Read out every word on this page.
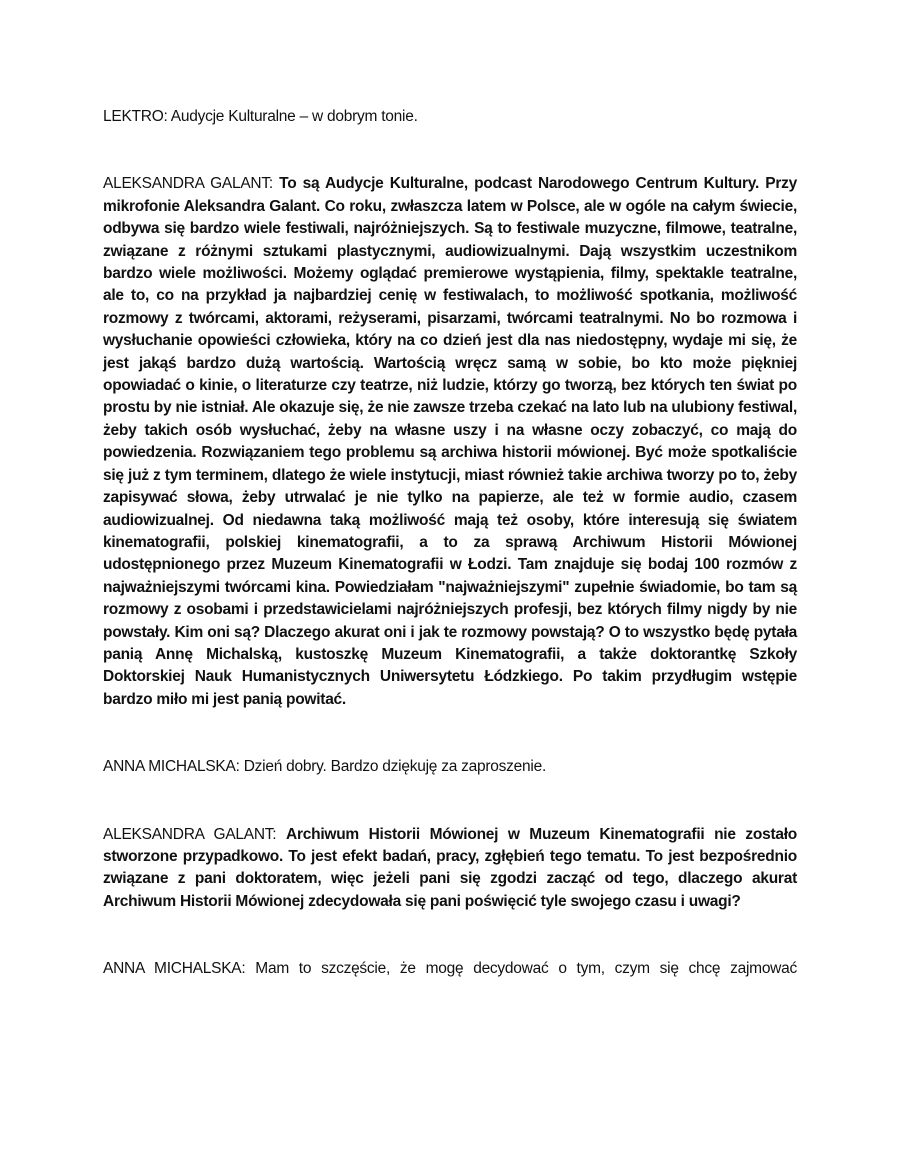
LEKTRO: Audycje Kulturalne – w dobrym tonie.

ALEKSANDRA GALANT: To są Audycje Kulturalne, podcast Narodowego Centrum Kultury. Przy mikrofonie Aleksandra Galant. Co roku, zwłaszcza latem w Polsce, ale w ogóle na całym świecie, odbywa się bardzo wiele festiwali, najróżniejszych. Są to festiwale muzyczne, filmowe, teatralne, związane z różnymi sztukami plastycznymi, audiowizualnymi. Dają wszystkim uczestnikom bardzo wiele możliwości. Możemy oglądać premierowe wystąpienia, filmy, spektakle teatralne, ale to, co na przykład ja najbardziej cenię w festiwalach, to możliwość spotkania, możliwość rozmowy z twórcami, aktorami, reżyserami, pisarzami, twórcami teatralnymi. No bo rozmowa i wysłuchanie opowieści człowieka, który na co dzień jest dla nas niedostępny, wydaje mi się, że jest jakąś bardzo dużą wartością. Wartością wręcz samą w sobie, bo kto może piękniej opowiadać o kinie, o literaturze czy teatrze, niż ludzie, którzy go tworzą, bez których ten świat po prostu by nie istniał. Ale okazuje się, że nie zawsze trzeba czekać na lato lub na ulubiony festiwal, żeby takich osób wysłuchać, żeby na własne uszy i na własne oczy zobaczyć, co mają do powiedzenia. Rozwiązaniem tego problemu są archiwa historii mówionej. Być może spotkaliście się już z tym terminem, dlatego że wiele instytucji, miast również takie archiwa tworzy po to, żeby zapisywać słowa, żeby utrwalać je nie tylko na papierze, ale też w formie audio, czasem audiowizualnej. Od niedawna taką możliwość mają też osoby, które interesują się światem kinematografii, polskiej kinematografii, a to za sprawą Archiwum Historii Mówionej udostępnionego przez Muzeum Kinematografii w Łodzi. Tam znajduje się bodaj 100 rozmów z najważniejszymi twórcami kina. Powiedziałam "najważniejszymi" zupełnie świadomie, bo tam są rozmowy z osobami i przedstawicielami najróżniejszych profesji, bez których filmy nigdy by nie powstały. Kim oni są? Dlaczego akurat oni i jak te rozmowy powstają? O to wszystko będę pytała panią Annę Michalską, kustoszkę Muzeum Kinematografii, a także doktorantkę Szkoły Doktorskiej Nauk Humanistycznych Uniwersytetu Łódzkiego. Po takim przydługim wstępie bardzo miło mi jest panią powitać.

ANNA MICHALSKA: Dzień dobry. Bardzo dziękuję za zaproszenie.

ALEKSANDRA GALANT: Archiwum Historii Mówionej w Muzeum Kinematografii nie zostało stworzone przypadkowo. To jest efekt badań, pracy, zgłębień tego tematu. To jest bezpośrednio związane z pani doktoratem, więc jeżeli pani się zgodzi zacząć od tego, dlaczego akurat Archiwum Historii Mówionej zdecydowała się pani poświęcić tyle swojego czasu i uwagi?

ANNA MICHALSKA: Mam to szczęście, że mogę decydować o tym, czym się chcę zajmować
